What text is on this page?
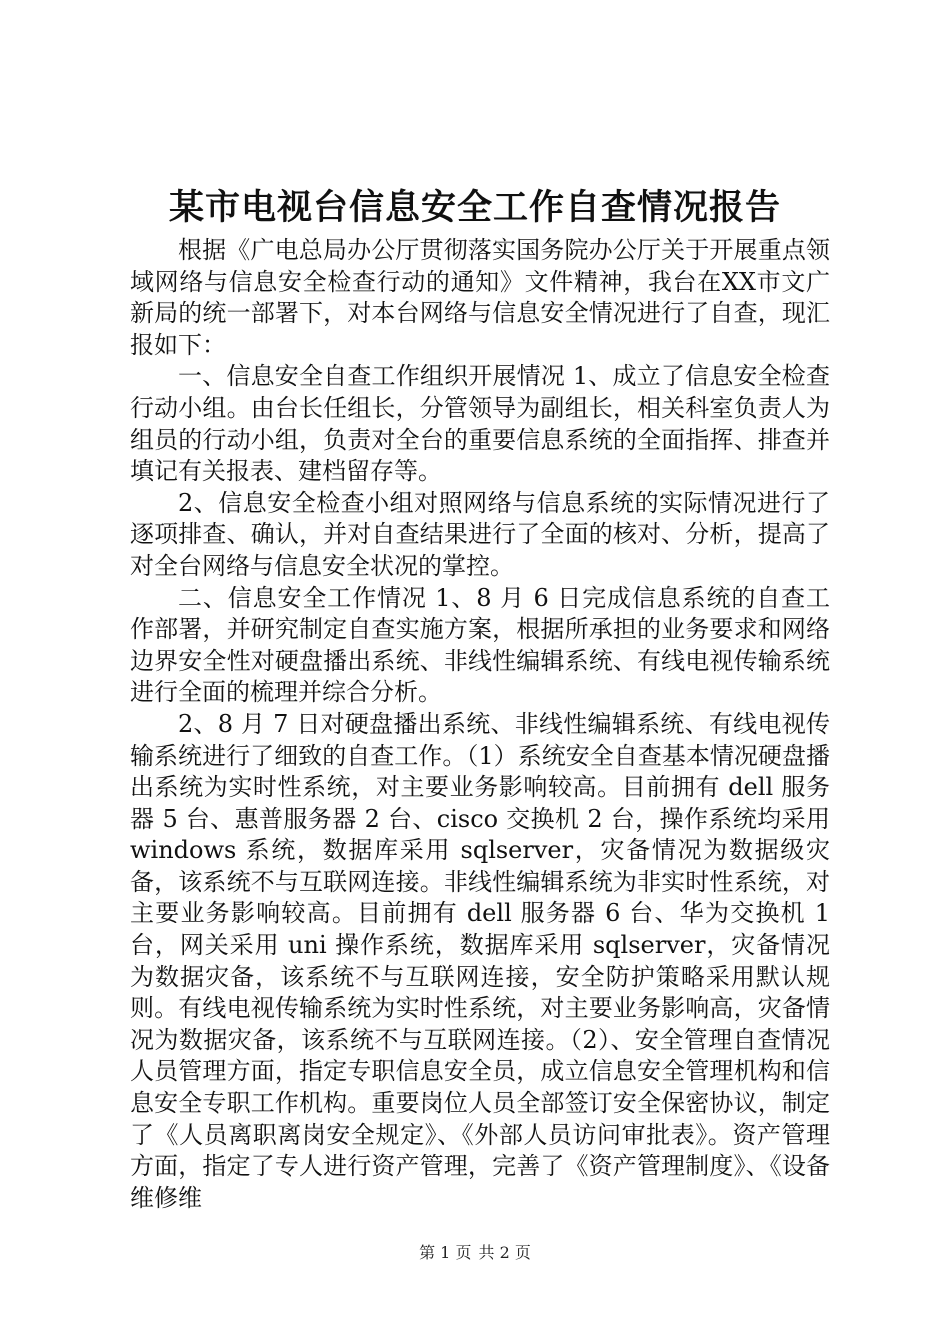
某市电视台信息安全工作自查情况报告

根据《广电总局办公厅贯彻落实国务院办公厅关于开展重点领域网络与信息安全检查行动的通知》文件精神，我台在XX市文广新局的统一部署下，对本台网络与信息安全情况进行了自查，现汇报如下：

一、信息安全自查工作组织开展情况 1、成立了信息安全检查行动小组。由台长任组长，分管领导为副组长，相关科室负责人为组员的行动小组，负责对全台的重要信息系统的全面指挥、排查并填记有关报表、建档留存等。

2、信息安全检查小组对照网络与信息系统的实际情况进行了逐项排查、确认，并对自查结果进行了全面的核对、分析，提高了对全台网络与信息安全状况的掌控。

二、信息安全工作情况 1、8 月 6 日完成信息系统的自查工作部署，并研究制定自查实施方案，根据所承担的业务要求和网络边界安全性对硬盘播出系统、非线性编辑系统、有线电视传输系统进行全面的梳理并综合分析。

2、8 月 7 日对硬盘播出系统、非线性编辑系统、有线电视传输系统进行了细致的自查工作。（1）系统安全自查基本情况硬盘播出系统为实时性系统，对主要业务影响较高。目前拥有 dell 服务器 5 台、惠普服务器 2 台、cisco 交换机 2 台，操作系统均采用 windows 系统，数据库采用 sqlserver，灾备情况为数据级灾备，该系统不与互联网连接。非线性编辑系统为非实时性系统，对主要业务影响较高。目前拥有 dell 服务器 6 台、华为交换机 1 台，网关采用 uni 操作系统，数据库采用 sqlserver，灾备情况为数据灾备，该系统不与互联网连接，安全防护策略采用默认规则。有线电视传输系统为实时性系统，对主要业务影响高，灾备情况为数据灾备，该系统不与互联网连接。（2）、安全管理自查情况人员管理方面，指定专职信息安全员，成立信息安全管理机构和信息安全专职工作机构。重要岗位人员全部签订安全保密协议，制定了《人员离职离岗安全规定》、《外部人员访问审批表》。资产管理方面，指定了专人进行资产管理，完善了《资产管理制度》、《设备维修维

第 1 页 共 2 页
